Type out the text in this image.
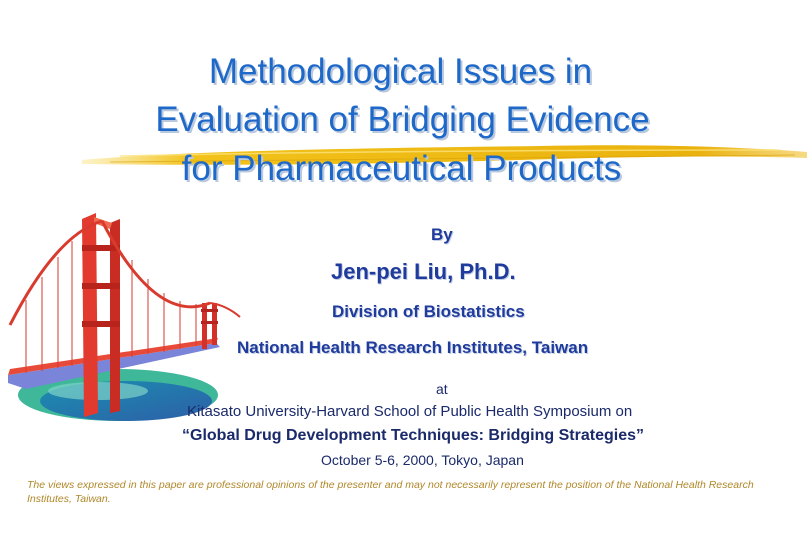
Methodological Issues in
Evaluation of Bridging Evidence
for Pharmaceutical Products
By
Jen-pei Liu, Ph.D.
Division of Biostatistics
National Health Research Institutes, Taiwan
at
Kitasato University-Harvard School of Public Health Symposium on
“Global Drug Development Techniques: Bridging Strategies”
October 5-6, 2000, Tokyo, Japan
The views expressed in this paper are professional opinions of the presenter and may not necessarily represent the position of the National Health Research Institutes, Taiwan.
